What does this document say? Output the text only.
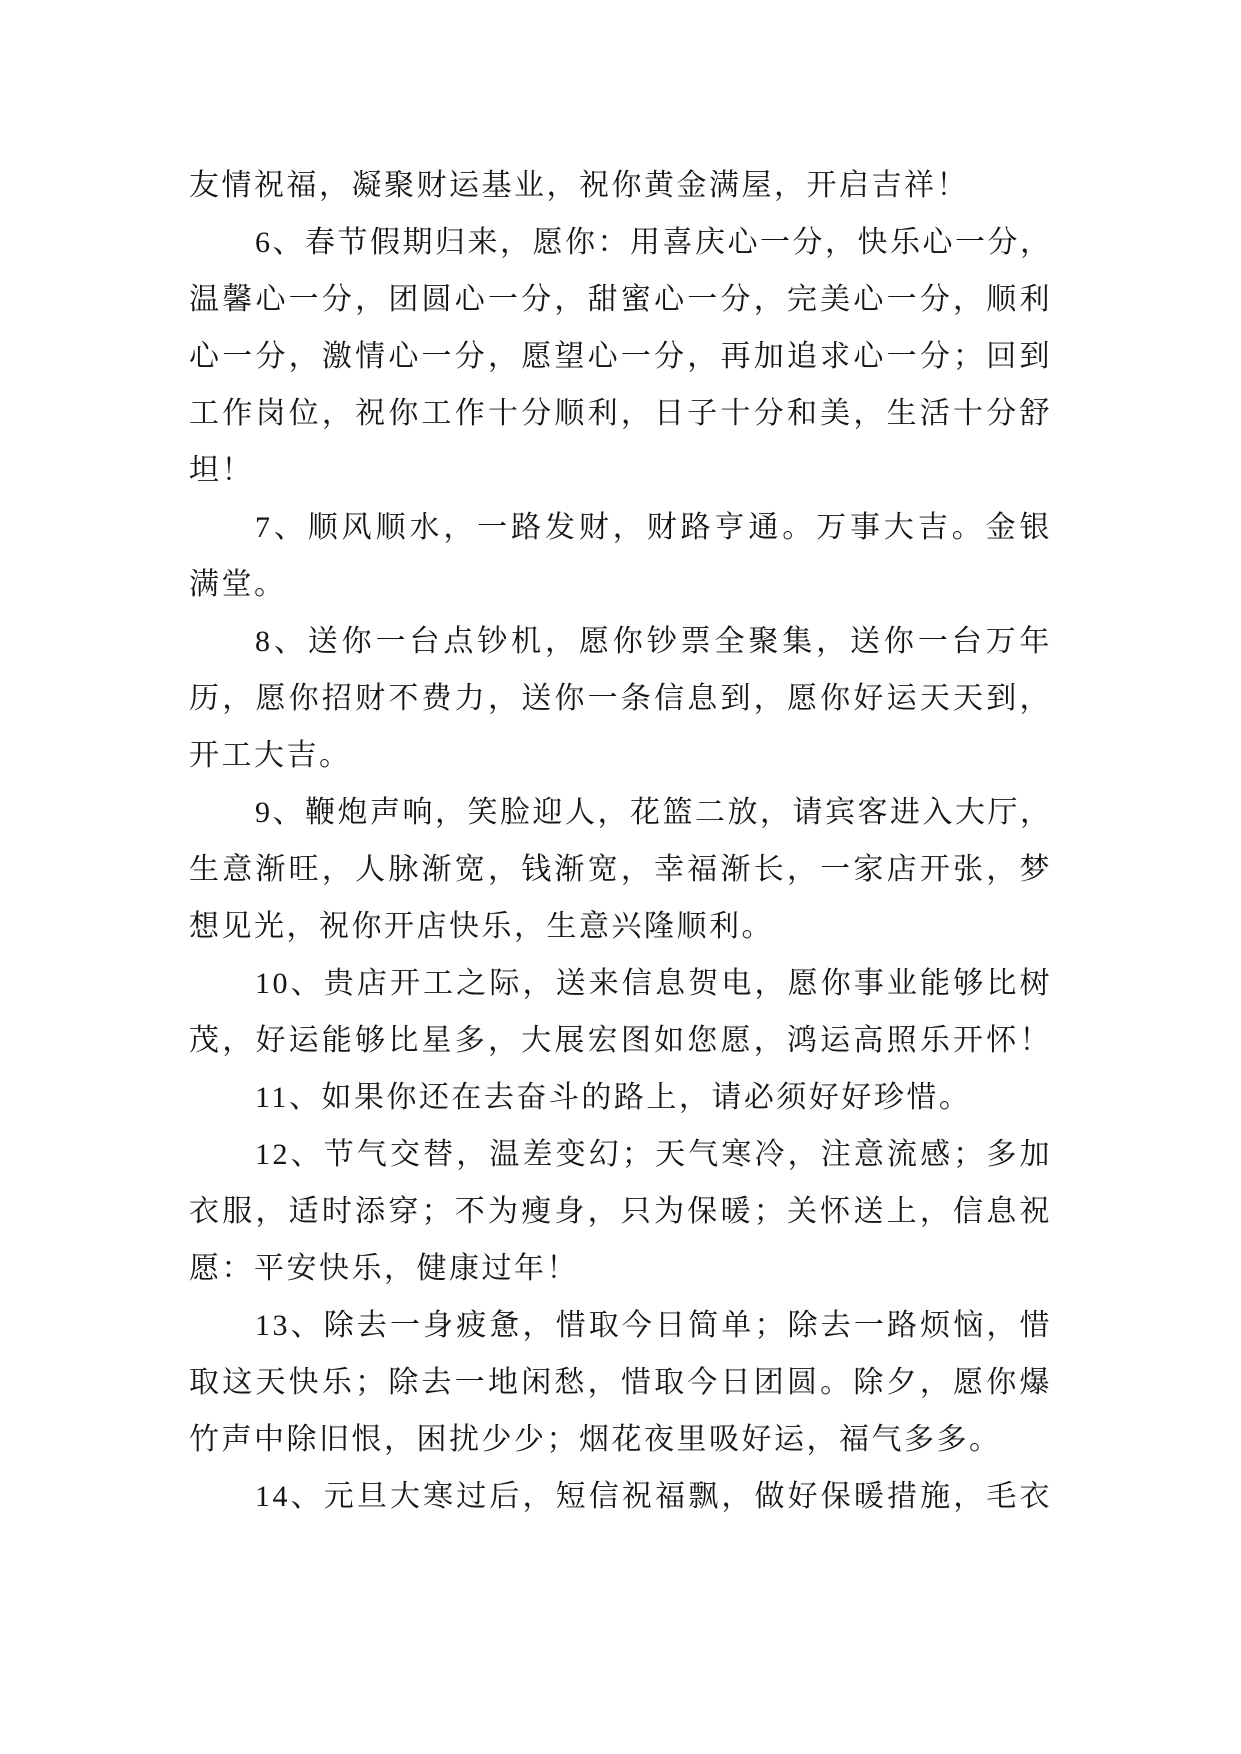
友情祝福，凝聚财运基业，祝你黄金满屋，开启吉祥！
6、春节假期归来，愿你：用喜庆心一分，快乐心一分，
温馨心一分，团圆心一分，甜蜜心一分，完美心一分，顺利
心一分，激情心一分，愿望心一分，再加追求心一分；回到
工作岗位，祝你工作十分顺利，日子十分和美，生活十分舒
坦！
7、顺风顺水，一路发财，财路亨通。万事大吉。金银
满堂。
8、送你一台点钞机，愿你钞票全聚集，送你一台万年
历，愿你招财不费力，送你一条信息到，愿你好运天天到，
开工大吉。
9、鞭炮声响，笑脸迎人，花篮二放，请宾客进入大厅，
生意渐旺，人脉渐宽，钱渐宽，幸福渐长，一家店开张，梦
想见光，祝你开店快乐，生意兴隆顺利。
10、贵店开工之际，送来信息贺电，愿你事业能够比树
茂，好运能够比星多，大展宏图如您愿，鸿运高照乐开怀！
11、如果你还在去奋斗的路上，请必须好好珍惜。
12、节气交替，温差变幻；天气寒冷，注意流感；多加
衣服，适时添穿；不为瘦身，只为保暖；关怀送上，信息祝
愿：平安快乐，健康过年！
13、除去一身疲惫，惜取今日简单；除去一路烦恼，惜
取这天快乐；除去一地闲愁，惜取今日团圆。除夕，愿你爆
竹声中除旧恨，困扰少少；烟花夜里吸好运，福气多多。
14、元旦大寒过后，短信祝福飘，做好保暖措施，毛衣
